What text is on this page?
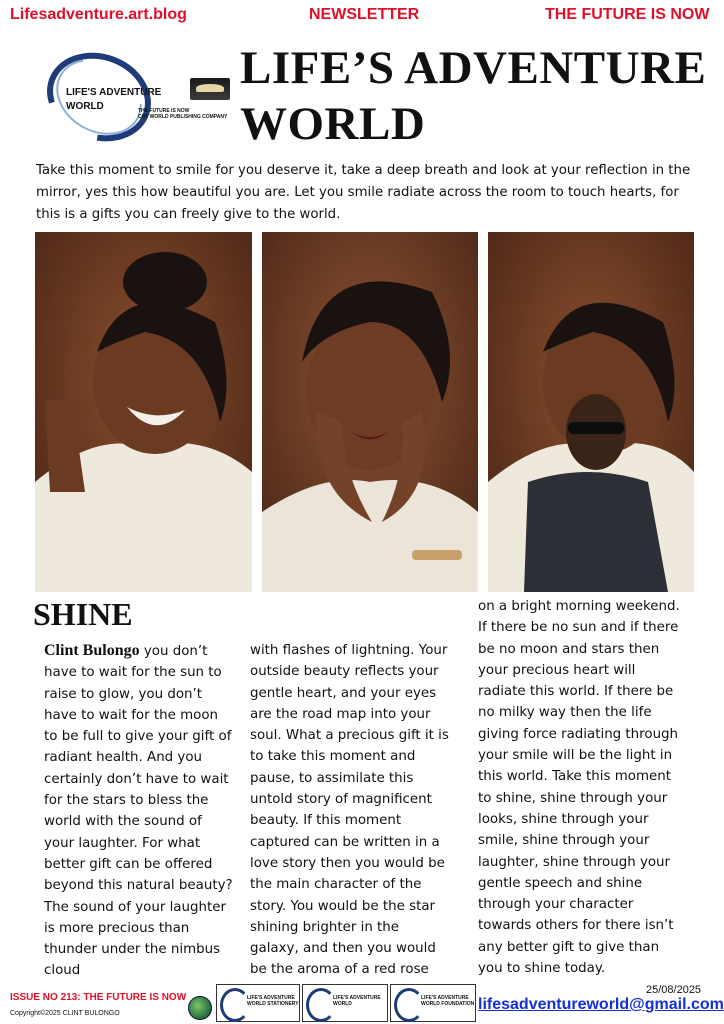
Lifesadventure.art.blog	NEWSLETTER	THE FUTURE IS NOW
LIFE'S ADVENTURE
WORLD	THE FUTURE IS NOW
CNT WORLD PUBLISHING COMPANY
LIFE’S ADVENTURE
WORLD
Take this moment to smile for you deserve it, take a deep breath and look at your reflection in the mirror, yes this how beautiful you are. Let you smile radiate across the room to touch hearts, for this is a gifts you can freely give to the world.
SHINE
Clint Bulongo you don’t have to wait for the sun to raise to glow, you don’t have to wait for the moon to be full to give your gift of radiant health. And you certainly don’t have to wait for the stars to bless the world with the sound of your laughter. For what better gift can be offered beyond this natural beauty? The sound of your laughter is more precious than thunder under the nimbus cloud
with flashes of lightning. Your outside beauty reflects your gentle heart, and your eyes are the road map into your soul. What a precious gift it is to take this moment and pause, to assimilate this untold story of magnificent beauty. If this moment captured can be written in a love story then you would be the main character of the story. You would be the star shining brighter in the galaxy, and then you would be the aroma of a red rose
on a bright morning weekend. If there be no sun and if there be no moon and stars then your precious heart will radiate this world. If there be no milky way then the life giving force radiating through your smile will be the light in this world. Take this moment to shine, shine through your looks, shine through your smile, shine through your laughter, shine through your gentle speech and shine through your character towards others for there isn’t any better gift to give than you to shine today.
ISSUE NO 213: THE FUTURE IS NOW
Copyright©2025 CLINT BULONGO
LIFE'S ADVENTURE WORLD STATIONERY
LIFE'S ADVENTURE WORLD
LIFE'S ADVENTURE WORLD FOUNDATION
25/08/2025
lifesadventureworld@gmail.com
